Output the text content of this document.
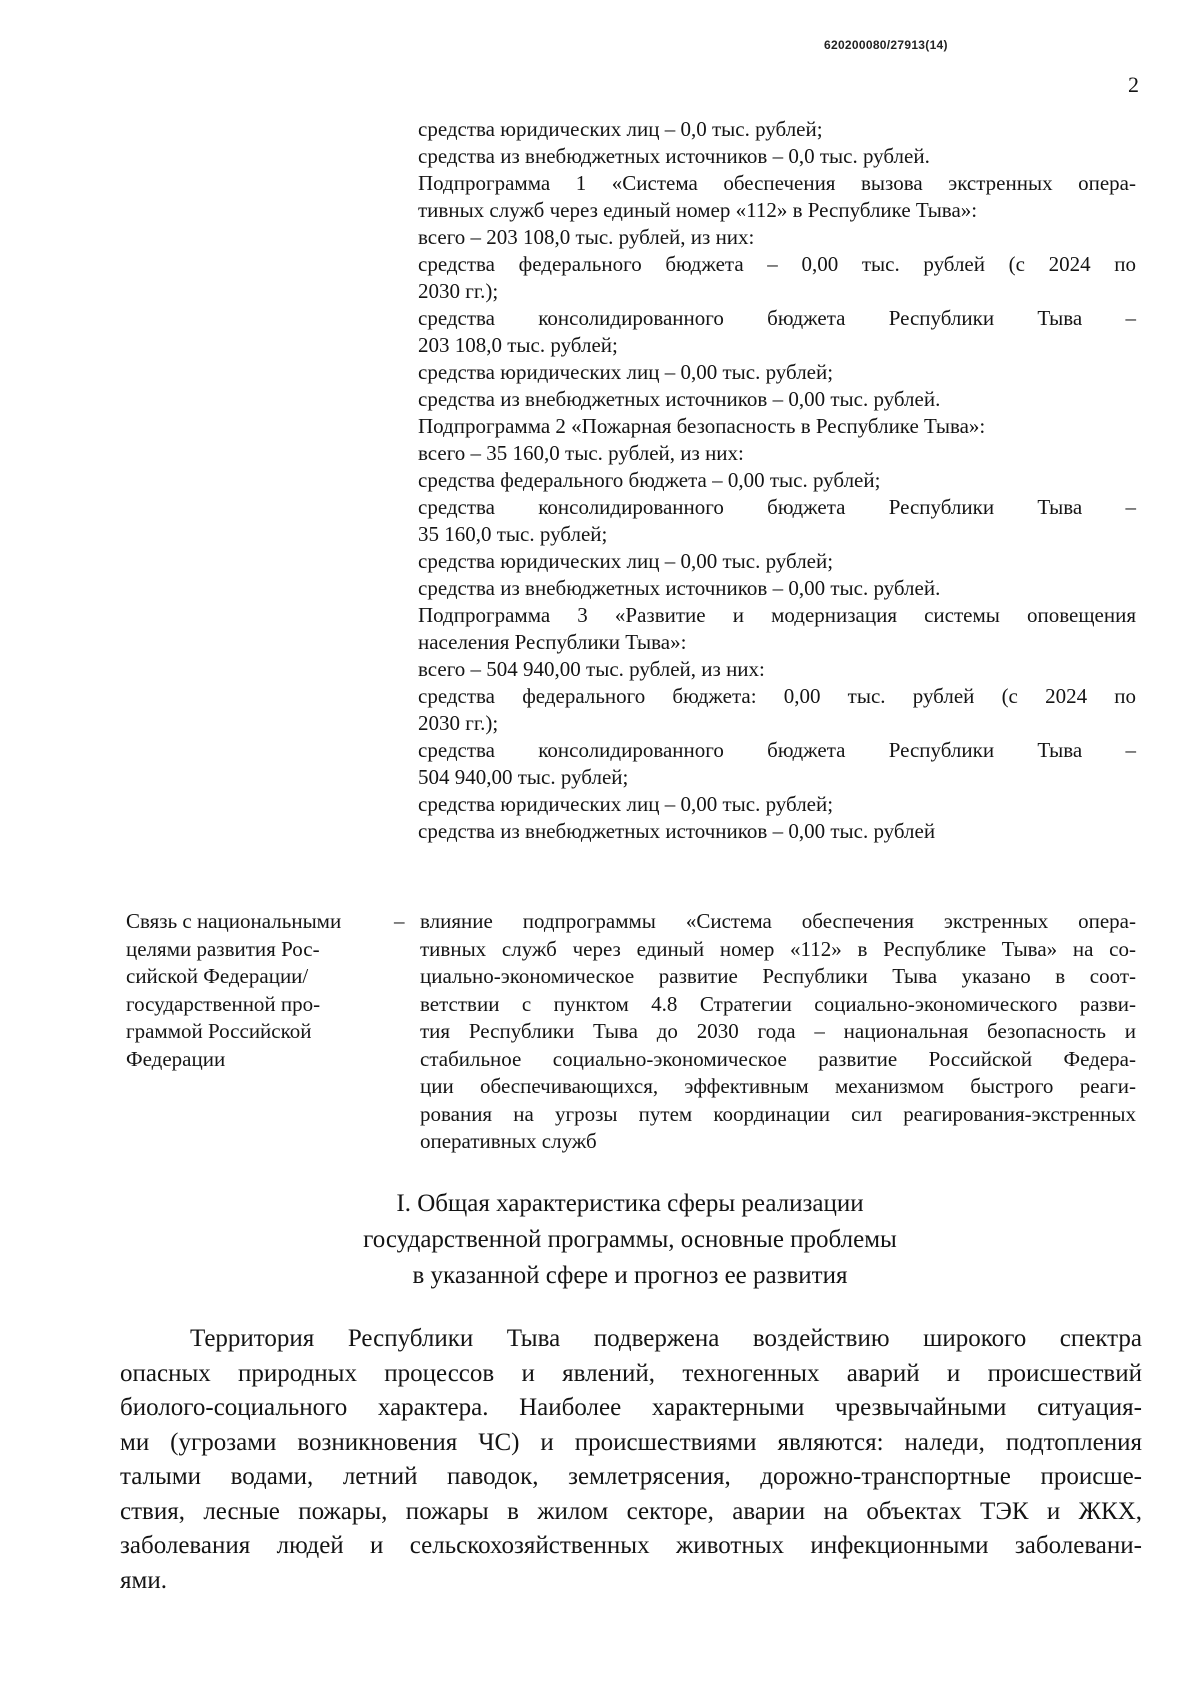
620200080/27913(14)
2
средства юридических лиц – 0,0 тыс. рублей;
средства из внебюджетных источников – 0,0 тыс. рублей.
Подпрограмма 1 «Система обеспечения вызова экстренных опера-
тивных служб через единый номер «112» в Республике Тыва»:
всего – 203 108,0 тыс. рублей, из них:
средства федерального бюджета – 0,00 тыс. рублей (с 2024 по
2030 гг.);
средства консолидированного бюджета Республики Тыва –
203 108,0 тыс. рублей;
средства юридических лиц – 0,00 тыс. рублей;
средства из внебюджетных источников – 0,00 тыс. рублей.
Подпрограмма 2 «Пожарная безопасность в Республике Тыва»:
всего – 35 160,0 тыс. рублей, из них:
средства федерального бюджета – 0,00 тыс. рублей;
средства консолидированного бюджета Республики Тыва –
35 160,0 тыс. рублей;
средства юридических лиц – 0,00 тыс. рублей;
средства из внебюджетных источников – 0,00 тыс. рублей.
Подпрограмма 3 «Развитие и модернизация системы оповещения
населения Республики Тыва»:
всего – 504 940,00 тыс. рублей, из них:
средства федерального бюджета: 0,00 тыс. рублей (с 2024 по
2030 гг.);
средства консолидированного бюджета Республики Тыва –
504 940,00 тыс. рублей;
средства юридических лиц – 0,00 тыс. рублей;
средства из внебюджетных источников – 0,00 тыс. рублей
Связь с национальными
целями развития Рос-
сийской Федерации/
государственной про-
граммой Российской
Федерации
– влияние подпрограммы «Система обеспечения экстренных опера-
тивных служб через единый номер «112» в Республике Тыва» на со-
циально-экономическое развитие Республики Тыва указано в соот-
ветствии с пунктом 4.8 Стратегии социально-экономического разви-
тия Республики Тыва до 2030 года – национальная безопасность и
стабильное социально-экономическое развитие Российской Федера-
ции обеспечивающихся, эффективным механизмом быстрого реаги-
рования на угрозы путем координации сил реагирования-экстренных
оперативных служб
I. Общая характеристика сферы реализации
государственной программы, основные проблемы
в указанной сфере и прогноз ее развития
Территория Республики Тыва подвержена воздействию широкого спектра
опасных природных процессов и явлений, техногенных аварий и происшествий
биолого-социального характера. Наиболее характерными чрезвычайными ситуация-
ми (угрозами возникновения ЧС) и происшествиями являются: наледи, подтопления
талыми водами, летний паводок, землетрясения, дорожно-транспортные происше-
ствия, лесные пожары, пожары в жилом секторе, аварии на объектах ТЭК и ЖКХ,
заболевания людей и сельскохозяйственных животных инфекционными заболевани-
ями.
